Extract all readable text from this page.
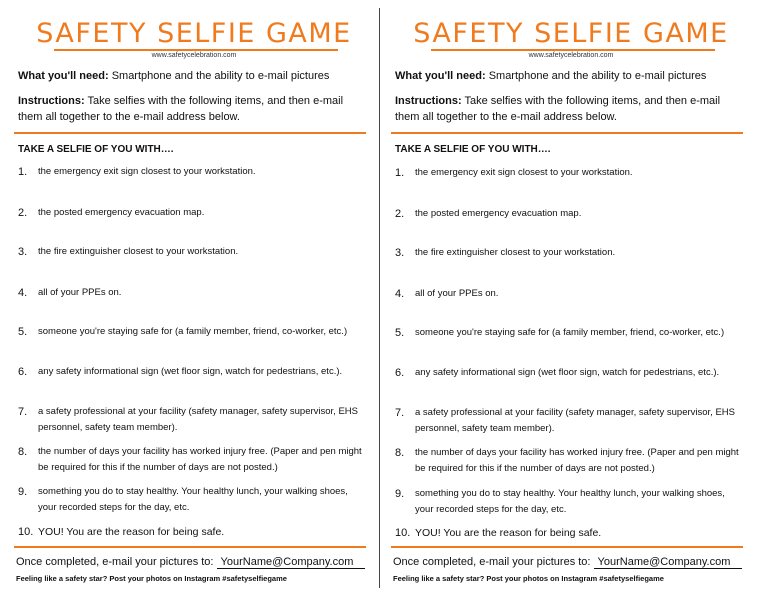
SAFETY SELFIE GAME
www.safetycelebration.com
What you'll need: Smartphone and the ability to e-mail pictures
Instructions: Take selfies with the following items, and then e-mail them all together to the e-mail address below.
TAKE A SELFIE OF YOU WITH….
1. the emergency exit sign closest to your workstation.
2. the posted emergency evacuation map.
3. the fire extinguisher closest to your workstation.
4. all of your PPEs on.
5. someone you're staying safe for (a family member, friend, co-worker, etc.)
6. any safety informational sign (wet floor sign, watch for pedestrians, etc.).
7. a safety professional at your facility (safety manager, safety supervisor, EHS personnel, safety team member).
8. the number of days your facility has worked injury free. (Paper and pen might be required for this if the number of days are not posted.)
9. something you do to stay healthy. Your healthy lunch, your walking shoes, your recorded steps for the day, etc.
10. YOU! You are the reason for being safe.
Once completed, e-mail your pictures to: YourName@Company.com
Feeling like a safety star? Post your photos on Instagram #safetyselfiegame
SAFETY SELFIE GAME
www.safetycelebration.com
What you'll need: Smartphone and the ability to e-mail pictures
Instructions: Take selfies with the following items, and then e-mail them all together to the e-mail address below.
TAKE A SELFIE OF YOU WITH….
1. the emergency exit sign closest to your workstation.
2. the posted emergency evacuation map.
3. the fire extinguisher closest to your workstation.
4. all of your PPEs on.
5. someone you're staying safe for (a family member, friend, co-worker, etc.)
6. any safety informational sign (wet floor sign, watch for pedestrians, etc.).
7. a safety professional at your facility (safety manager, safety supervisor, EHS personnel, safety team member).
8. the number of days your facility has worked injury free. (Paper and pen might be required for this if the number of days are not posted.)
9. something you do to stay healthy. Your healthy lunch, your walking shoes, your recorded steps for the day, etc.
10. YOU! You are the reason for being safe.
Once completed, e-mail your pictures to: YourName@Company.com
Feeling like a safety star? Post your photos on Instagram #safetyselfiegame
